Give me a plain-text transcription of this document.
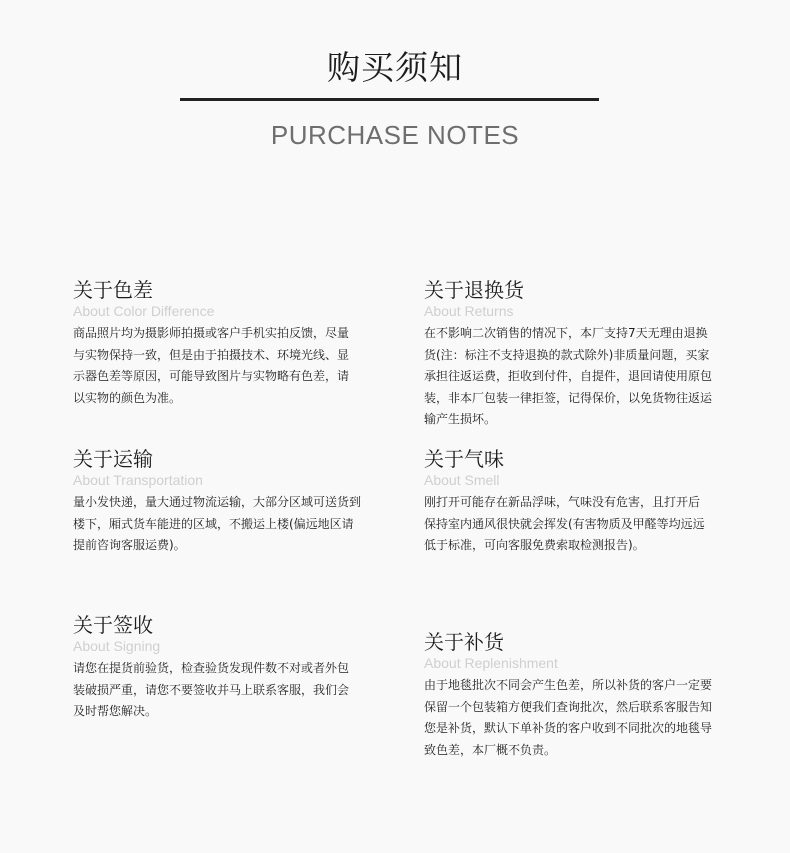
购买须知
PURCHASE NOTES

关于色差

About Color Difference

商品照片均为摄影师拍摄或客户手机实拍反馈，尽量与实物保持一致，但是由于拍摄技术、环境光线、显示器色差等原因，可能导致图片与实物略有色差，请以实物的颜色为准。

关于退换货

About Returns

在不影响二次销售的情况下，本厂支持7天无理由退换货(注：标注不支持退换的款式除外)非质量问题，买家承担往返运费，拒收到付件，自提件，退回请使用原包装，非本厂包装一律拒签，记得保价，以免货物往返运输产生损坏。

关于运输

About Transportation

量小发快递，量大通过物流运输，大部分区域可送货到楼下，厢式货车能进的区域，不搬运上楼(偏远地区请提前咨询客服运费)。

关于气味

About Smell

刚打开可能存在新品浮味，气味没有危害，且打开后保持室内通风很快就会挥发(有害物质及甲醛等均远远低于标准，可向客服免费索取检测报告)。

关于签收

About Signing

请您在提货前验货，检查验货发现件数不对或者外包装破损严重，请您不要签收并马上联系客服，我们会及时帮您解决。

关于补货

About Replenishment

由于地毯批次不同会产生色差，所以补货的客户一定要保留一个包装箱方便我们查询批次，然后联系客服告知您是补货，默认下单补货的客户收到不同批次的地毯导致色差，本厂概不负责。
